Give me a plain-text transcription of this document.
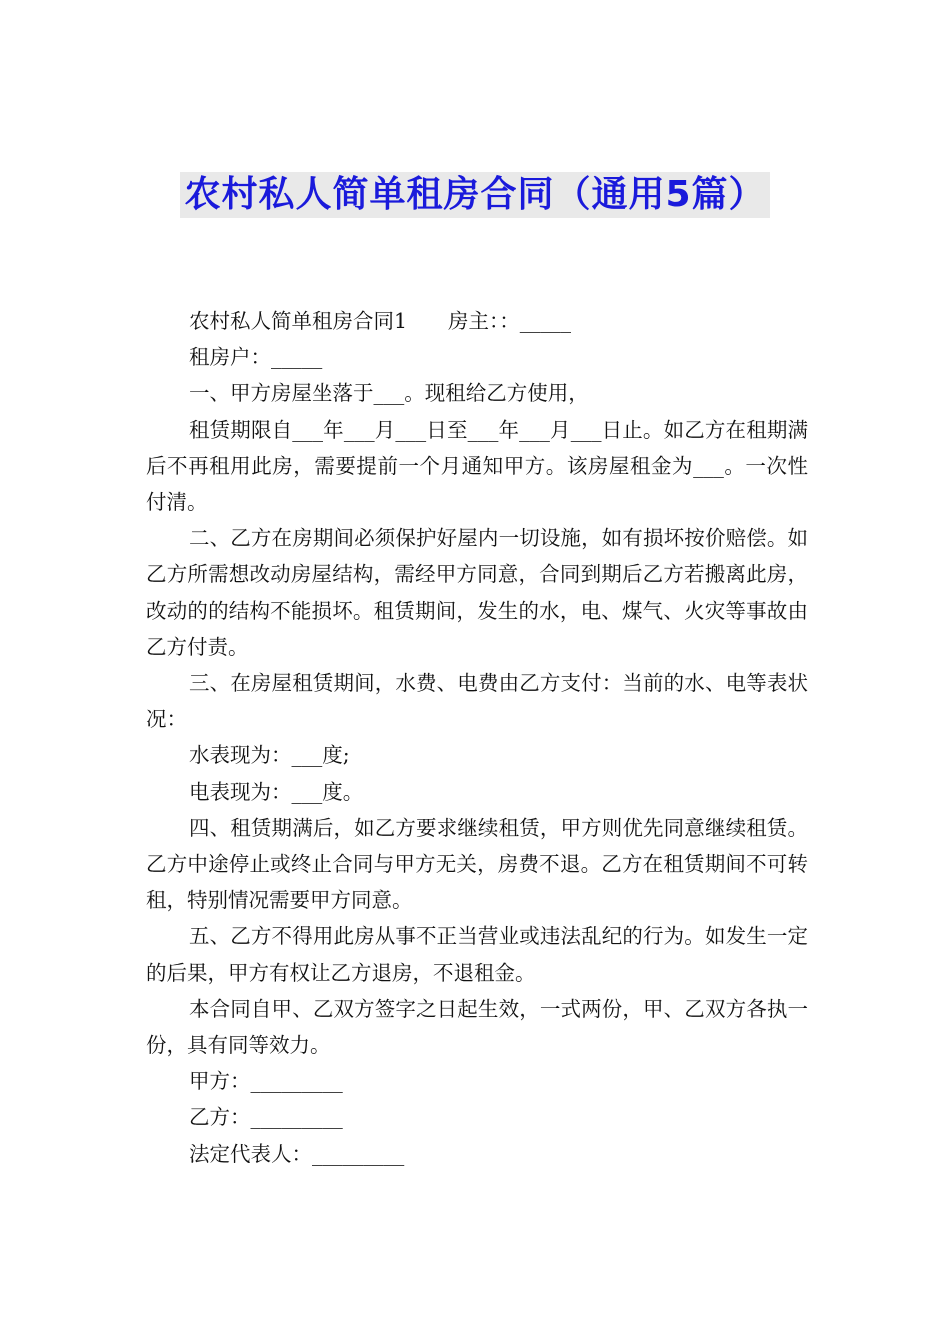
农村私人简单租房合同（通用5篇）

农村私人简单租房合同1　　房主：：_____

租房户：_____

一、甲方房屋坐落于___。现租给乙方使用，

租赁期限自___年___月___日至___年___月___日止。如乙方在租期满后不再租用此房，需要提前一个月通知甲方。该房屋租金为___。一次性付清。

二、乙方在房期间必须保护好屋内一切设施，如有损坏按价赔偿。如乙方所需想改动房屋结构，需经甲方同意，合同到期后乙方若搬离此房，改动的的结构不能损坏。租赁期间，发生的水，电、煤气、火灾等事故由乙方付责。

三、在房屋租赁期间，水费、电费由乙方支付：当前的水、电等表状况：

水表现为：___度;

电表现为：___度。

四、租赁期满后，如乙方要求继续租赁，甲方则优先同意继续租赁。乙方中途停止或终止合同与甲方无关，房费不退。乙方在租赁期间不可转租，特别情况需要甲方同意。

五、乙方不得用此房从事不正当营业或违法乱纪的行为。如发生一定的后果，甲方有权让乙方退房，不退租金。

本合同自甲、乙双方签字之日起生效，一式两份，甲、乙双方各执一份，具有同等效力。

甲方：_________

乙方：_________

法定代表人：_________
